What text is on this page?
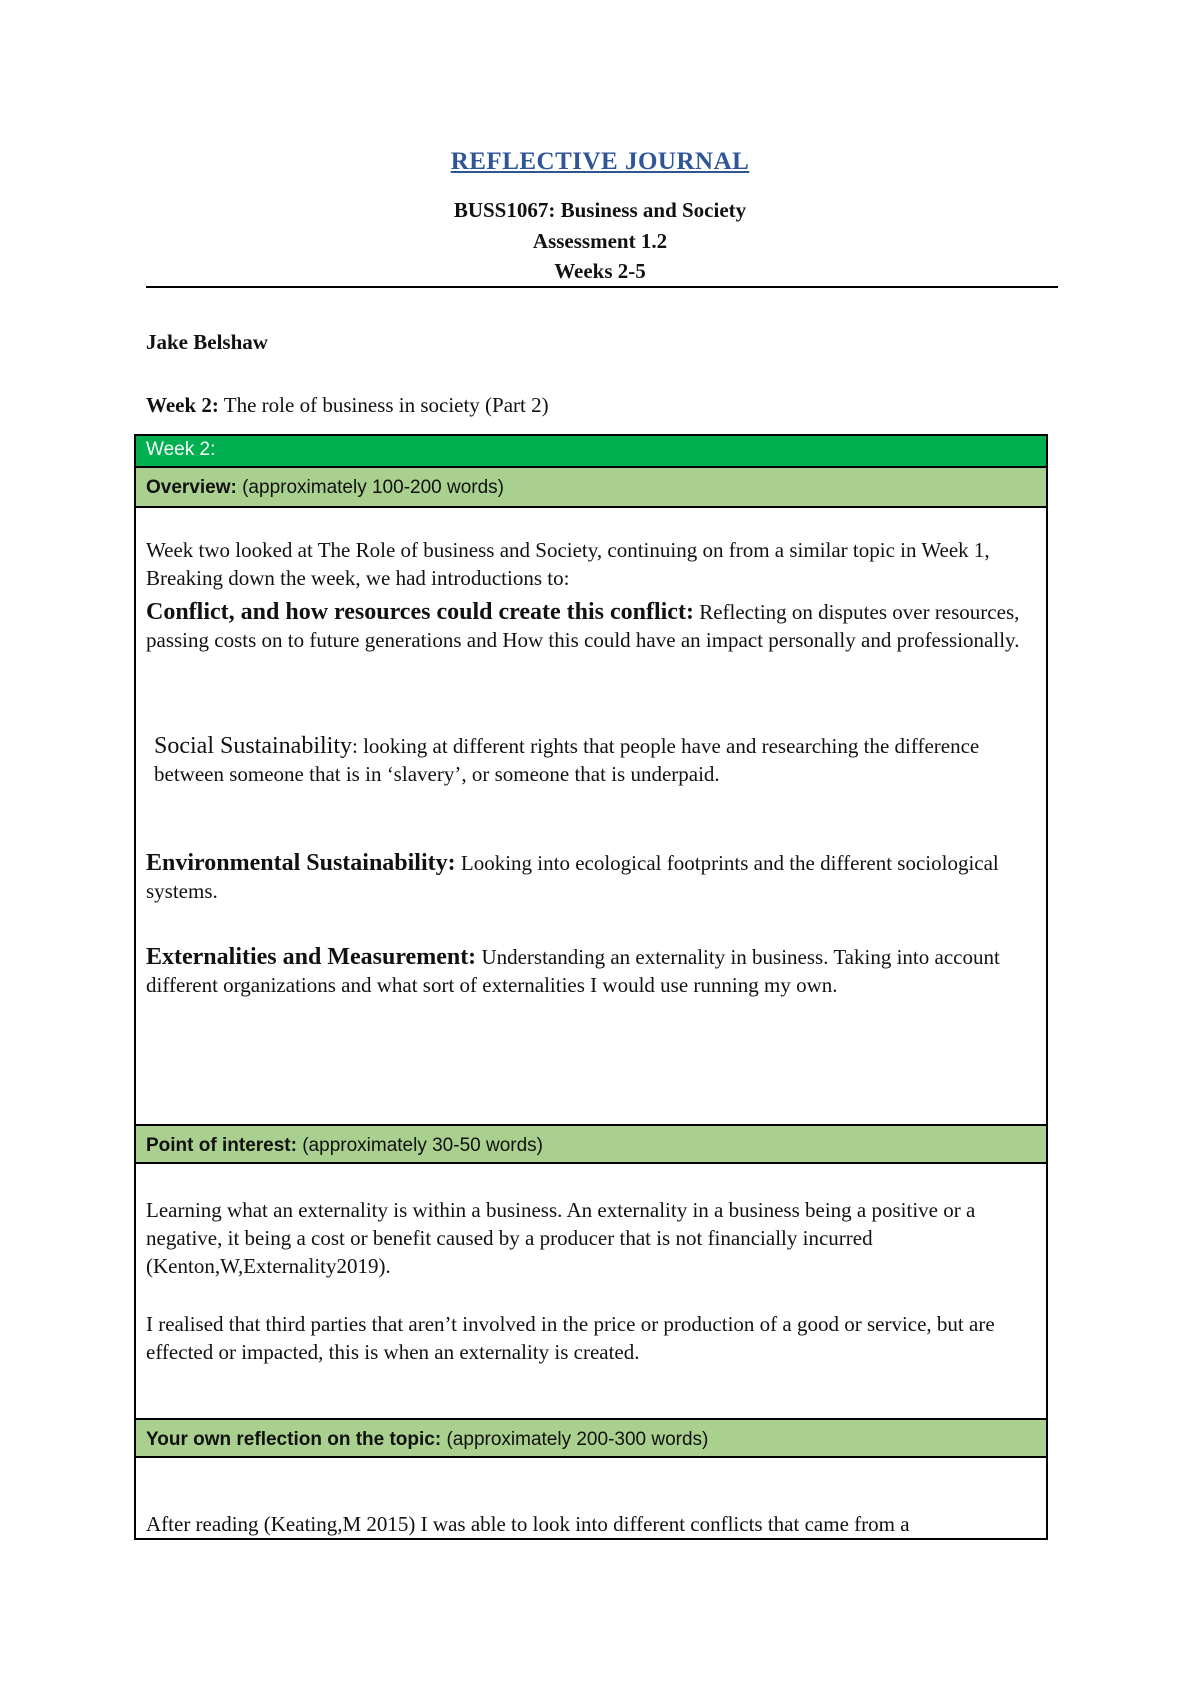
REFLECTIVE JOURNAL
BUSS1067: Business and Society
Assessment 1.2
Weeks 2-5
Jake Belshaw
Week 2: The role of business in society (Part 2)
Week 2:
Overview: (approximately 100-200 words)
Week two looked at The Role of business and Society, continuing on from a similar topic in Week 1, Breaking down the week, we had introductions to:
Conflict, and how resources could create this conflict: Reflecting on disputes over resources, passing costs on to future generations and How this could have an impact personally and professionally.
Social Sustainability: looking at different rights that people have and researching the difference between someone that is in ‘slavery’, or someone that is underpaid.
Environmental Sustainability: Looking into ecological footprints and the different sociological systems.
Externalities and Measurement: Understanding an externality in business. Taking into account different organizations and what sort of externalities I would use running my own.
Point of interest: (approximately 30-50 words)
Learning what an externality is within a business. An externality in a business being a positive or a negative, it being a cost or benefit caused by a producer that is not financially incurred (Kenton,W,Externality2019).
I realised that third parties that aren’t involved in the price or production of a good or service, but are effected or impacted, this is when an externality is created.
Your own reflection on the topic: (approximately 200-300 words)
After reading (Keating,M 2015) I was able to look into different conflicts that came from a
